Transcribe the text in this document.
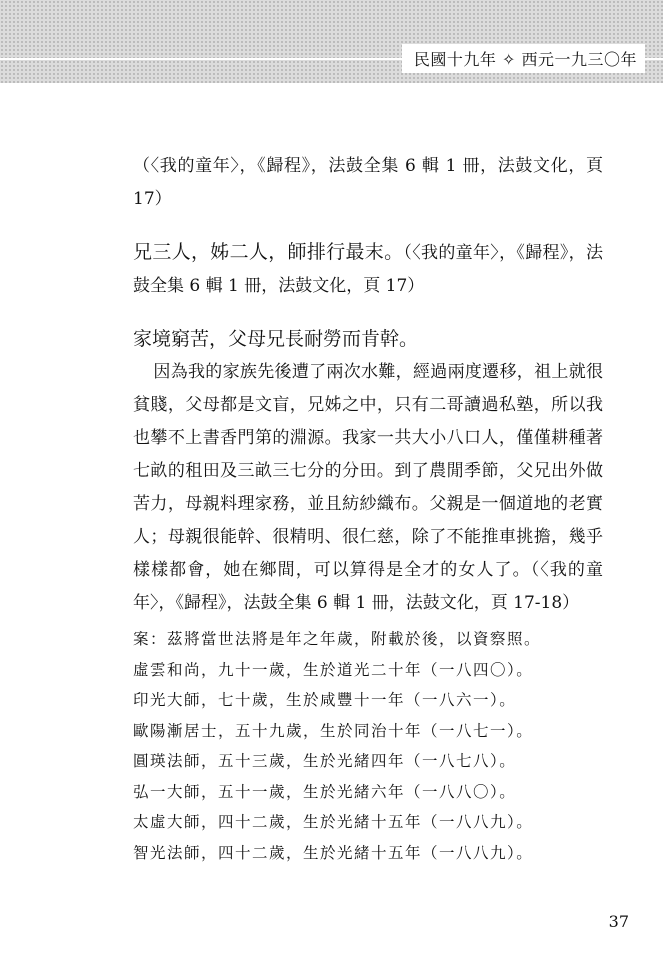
民國十九年 ✧ 西元一九三〇年

（〈我的童年〉，《歸程》，法鼓全集 6 輯 1 冊，法鼓文化，頁 17）

兄三人，姊二人，師排行最末。（〈我的童年〉，《歸程》，法鼓全集 6 輯 1 冊，法鼓文化，頁 17）

家境窮苦，父母兄長耐勞而肯幹。

因為我的家族先後遭了兩次水難，經過兩度遷移，祖上就很貧賤，父母都是文盲，兄姊之中，只有二哥讀過私塾，所以我也攀不上書香門第的淵源。我家一共大小八口人，僅僅耕種著七畝的租田及三畝三七分的分田。到了農閒季節，父兄出外做苦力，母親料理家務，並且紡紗織布。父親是一個道地的老實人；母親很能幹、很精明、很仁慈，除了不能推車挑擔，幾乎樣樣都會，她在鄉間，可以算得是全才的女人了。（〈我的童年〉，《歸程》，法鼓全集 6 輯 1 冊，法鼓文化，頁 17-18）

案：茲將當世法將是年之年歲，附載於後，以資察照。
虛雲和尚，九十一歲，生於道光二十年（一八四〇）。
印光大師，七十歲，生於咸豐十一年（一八六一）。
歐陽漸居士，五十九歲，生於同治十年（一八七一）。
圓瑛法師，五十三歲，生於光緒四年（一八七八）。
弘一大師，五十一歲，生於光緒六年（一八八〇）。
太虛大師，四十二歲，生於光緒十五年（一八八九）。
智光法師，四十二歲，生於光緒十五年（一八八九）。
37
